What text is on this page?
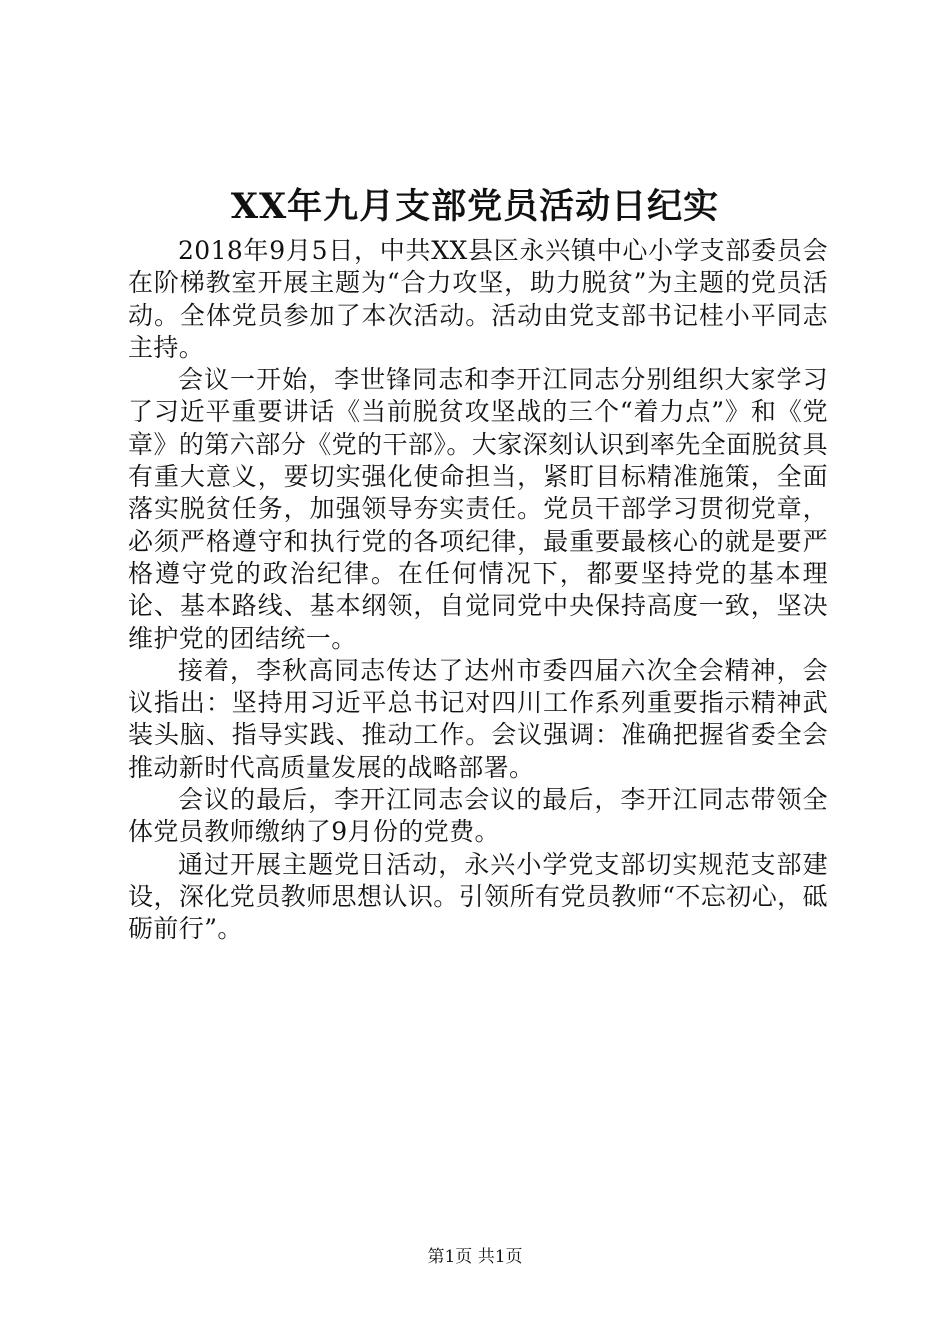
XX年九月支部党员活动日纪实

2018年9月5日，中共XX县区永兴镇中心小学支部委员会在阶梯教室开展主题为“合力攻坚，助力脱贫”为主题的党员活动。全体党员参加了本次活动。活动由党支部书记桂小平同志主持。

会议一开始，李世锋同志和李开江同志分别组织大家学习了习近平重要讲话《当前脱贫攻坚战的三个“着力点”》和《党章》的第六部分《党的干部》。大家深刻认识到率先全面脱贫具有重大意义，要切实强化使命担当，紧盯目标精准施策，全面落实脱贫任务，加强领导夯实责任。党员干部学习贯彻党章，必须严格遵守和执行党的各项纪律，最重要最核心的就是要严格遵守党的政治纪律。在任何情况下，都要坚持党的基本理论、基本路线、基本纲领，自觉同党中央保持高度一致，坚决维护党的团结统一。

接着，李秋高同志传达了达州市委四届六次全会精神，会议指出：坚持用习近平总书记对四川工作系列重要指示精神武装头脑、指导实践、推动工作。会议强调：准确把握省委全会推动新时代高质量发展的战略部署。

会议的最后，李开江同志会议的最后，李开江同志带领全体党员教师缴纳了9月份的党费。

通过开展主题党日活动，永兴小学党支部切实规范支部建设，深化党员教师思想认识。引领所有党员教师“不忘初心，砥砺前行”。

第1页 共1页
